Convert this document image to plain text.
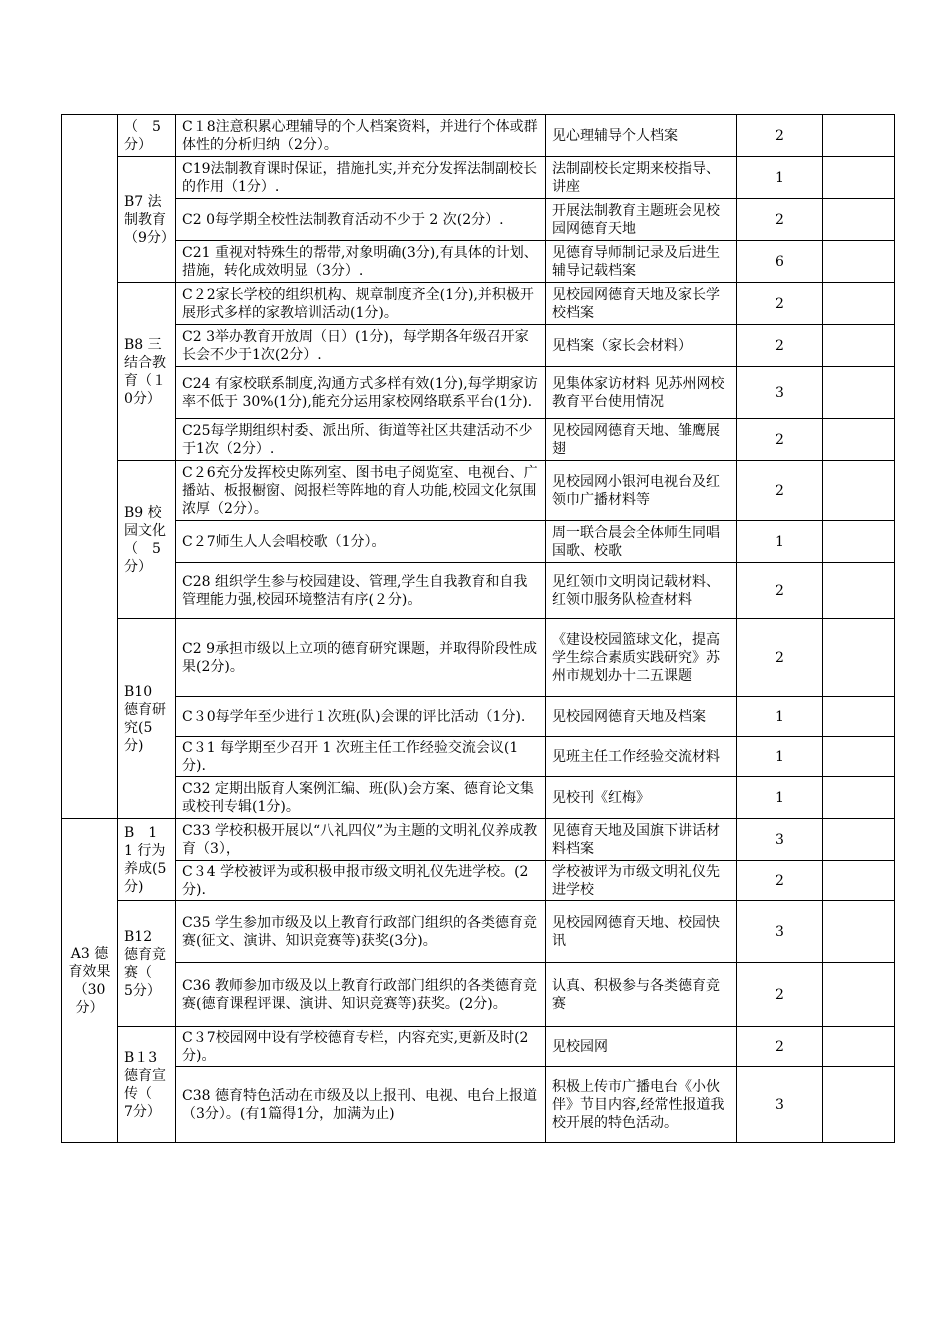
	（　5分）	C１8注意积累心理辅导的个人档案资料，并进行个体或群体性的分析归纳（2分）。	见心理辅导个人档案	2	
	B7 法制教育（9分）	C19法制教育课时保证，措施扎实,并充分发挥法制副校长的作用（1分）.	法制副校长定期来校指导、讲座	1	
		C2 0每学期全校性法制教育活动不少于 2 次(2分）.	开展法制教育主题班会见校园网德育天地	2	
		C21 重视对特殊生的帮带,对象明确(3分),有具体的计划、措施，转化成效明显（3分）.	见德育导师制记录及后进生辅导记载档案	6	
	B8 三结合教育（１0分）	C２2家长学校的组织机构、规章制度齐全(1分),并积极开展形式多样的家教培训活动(1分)。	见校园网德育天地及家长学校档案	2	
		C2 3举办教育开放周（日）(1分)，每学期各年级召开家长会不少于1次(2分）.	见档案（家长会材料）	2	
		C24 有家校联系制度,沟通方式多样有效(1分),每学期家访率不低于 30%(1分),能充分运用家校网络联系平台(1分).	见集体家访材料 见苏州网校教育平台使用情况	3	
		C25每学期组织村委、派出所、街道等社区共建活动不少于1次（2分）.	见校园网德育天地、雏鹰展翅	2	
	B9 校园文化（　5分）	C２6充分发挥校史陈列室、图书电子阅览室、电视台、广播站、板报橱窗、阅报栏等阵地的育人功能,校园文化氛围浓厚（2分）。	见校园网小银河电视台及红领巾广播材料等	2	
		C２7师生人人会唱校歌（1分）。	周一联合晨会全体师生同唱国歌、校歌	1	
		C28 组织学生参与校园建设、管理,学生自我教育和自我管理能力强,校园环境整洁有序(２分)。	见红领巾文明岗记载材料、红领巾服务队检查材料	2	
	B10 德育研究(5分)	C2 9承担市级以上立项的德育研究课题，并取得阶段性成果(2分)。	《建设校园篮球文化，提高学生综合素质实践研究》苏州市规划办十二五课题	2	
		C３0每学年至少进行１次班(队)会课的评比活动（1分).	见校园网德育天地及档案	1	
		C３1 每学期至少召开 1 次班主任工作经验交流会议(1分).	见班主任工作经验交流材料	1	
		C32 定期出版育人案例汇编、班(队)会方案、德育论文集或校刊专辑(1分)。	见校刊《红梅》	1	
A3 德育效果（30分）	B　1 1 行为养成(5分)	C33 学校积极开展以“八礼四仪”为主题的文明礼仪养成教育（3），	见德育天地及国旗下讲话材料档案	3	
		C３4 学校被评为或积极申报市级文明礼仪先进学校。(2分).	学校被评为市级文明礼仪先进学校	2	
	B12 德育竞赛（　5分）	C35 学生参加市级及以上教育行政部门组织的各类德育竞赛(征文、演讲、知识竞赛等)获奖(3分)。	见校园网德育天地、校园快讯	3	
		C36 教师参加市级及以上教育行政部门组织的各类德育竞赛(德育课程评课、演讲、知识竞赛等)获奖。(2分)。	认真、积极参与各类德育竞赛	2	
	B１3 德育宣传（　7分）	C３7校园网中设有学校德育专栏，内容充实,更新及时(2分)。	见校园网	2	
		C38 德育特色活动在市级及以上报刊、电视、电台上报道（3分）。(有1篇得1分，加满为止)	积极上传市广播电台《小伙伴》节目内容,经常性报道我校开展的特色活动。	3	
